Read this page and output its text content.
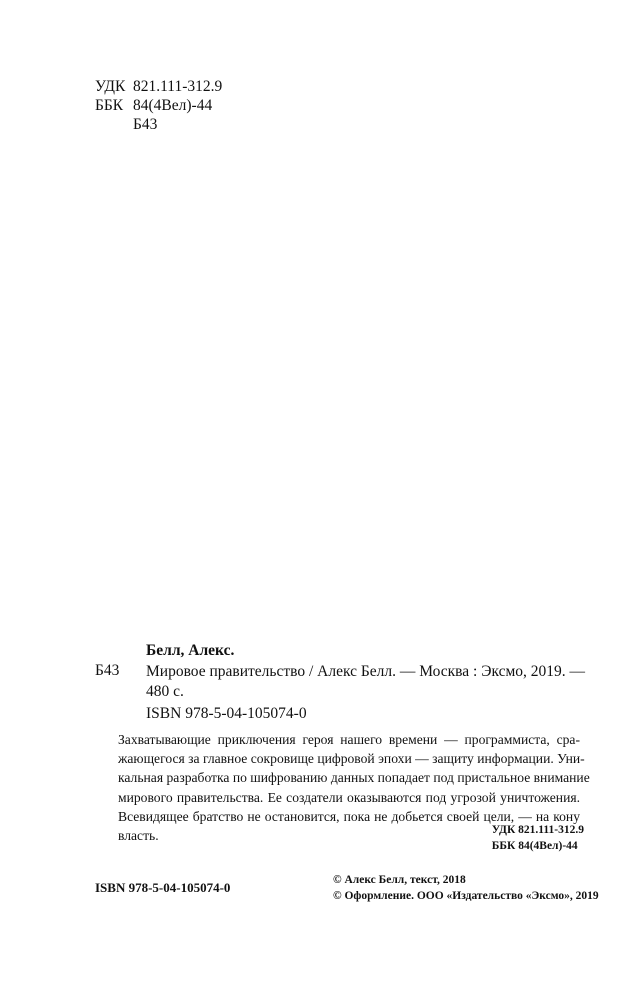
УДК 821.111-312.9
ББК 84(4Вел)-44
Б43
Белл, Алекс.
Б43 Мировое правительство / Алекс Белл. — Москва : Эксмо, 2019. —
480 с.
ISBN 978-5-04-105074-0
Захватывающие приключения героя нашего времени — программиста, сра-
жающегося за главное сокровище цифровой эпохи — защиту информации. Уни-
кальная разработка по шифрованию данных попадает под пристальное внимание
мирового правительства. Ее создатели оказываются под угрозой уничтожения.
Всевидящее братство не остановится, пока не добьется своей цели, — на кону
власть.	УДК 821.111-312.9
ББК 84(4Вел)-44
ISBN 978-5-04-105074-0	© Алекс Белл, текст, 2018
© Оформление. ООО «Издательство «Эксмо», 2019
